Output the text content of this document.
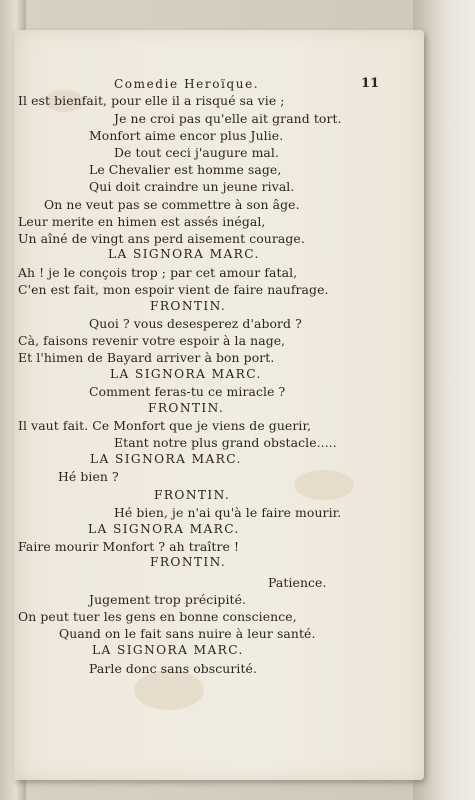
Comedie Heroïque.	11
Il est bienfait, pour elle il a risqué sa vie ;
Je ne croi pas qu'elle ait grand tort.
Monfort aime encor plus Julie.
De tout ceci j'augure mal.
Le Chevalier est homme sage,
Qui doit craindre un jeune rival.
On ne veut pas se commettre à son âge.
Leur merite en himen est assés inégal,
Un aîné de vingt ans perd aisement courage.
LA SIGNORA MARC.
Ah ! je le conçois trop ; par cet amour fatal,
C'en est fait, mon espoir vient de faire naufrage.
FRONTIN.
Quoi ? vous desesperez d'abord ?
Cà, faisons revenir votre espoir à la nage,
Et l'himen de Bayard arriver à bon port.
LA SIGNORA MARC.
Comment feras-tu ce miracle ?
FRONTIN.
Il vaut fait. Ce Monfort que je viens de guerir,
Etant notre plus grand obstacle.....
LA SIGNORA MARC.
Hé bien ?
FRONTIN.
Hé bien, je n'ai qu'à le faire mourir.
LA SIGNORA MARC.
Faire mourir Monfort ? ah traître !
FRONTIN.
Patience.
Jugement trop précipité.
On peut tuer les gens en bonne conscience,
Quand on le fait sans nuire à leur santé.
LA SIGNORA MARC.
Parle donc sans obscurité.
